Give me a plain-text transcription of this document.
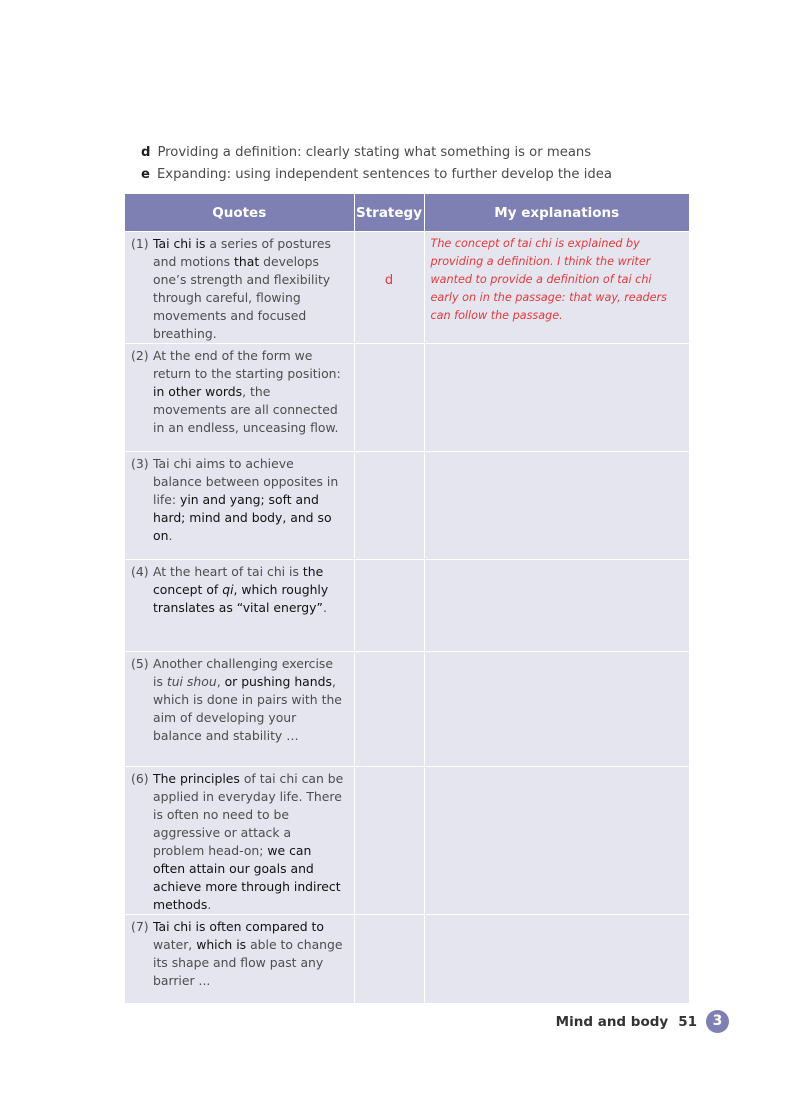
d Providing a definition: clearly stating what something is or means
e Expanding: using independent sentences to further develop the idea
Quotes	Strategy	My explanations

(1) Tai chi is a series of postures and motions that develops one’s strength and flexibility through careful, flowing movements and focused breathing.	d	The concept of tai chi is explained by providing a definition. I think the writer wanted to provide a definition of tai chi early on in the passage: that way, readers can follow the passage.

(2) At the end of the form we return to the starting position: in other words, the movements are all connected in an endless, unceasing flow.		

(3) Tai chi aims to achieve balance between opposites in life: yin and yang; soft and hard; mind and body, and so on.		

(4) At the heart of tai chi is the concept of qi, which roughly translates as “vital energy”.		

(5) Another challenging exercise is tui shou, or pushing hands, which is done in pairs with the aim of developing your balance and stability …		

(6) The principles of tai chi can be applied in everyday life. There is often no need to be aggressive or attack a problem head-on; we can often attain our goals and achieve more through indirect methods.		

(7) Tai chi is often compared to water, which is able to change its shape and flow past any barrier ...		

Mind and body 51	3
